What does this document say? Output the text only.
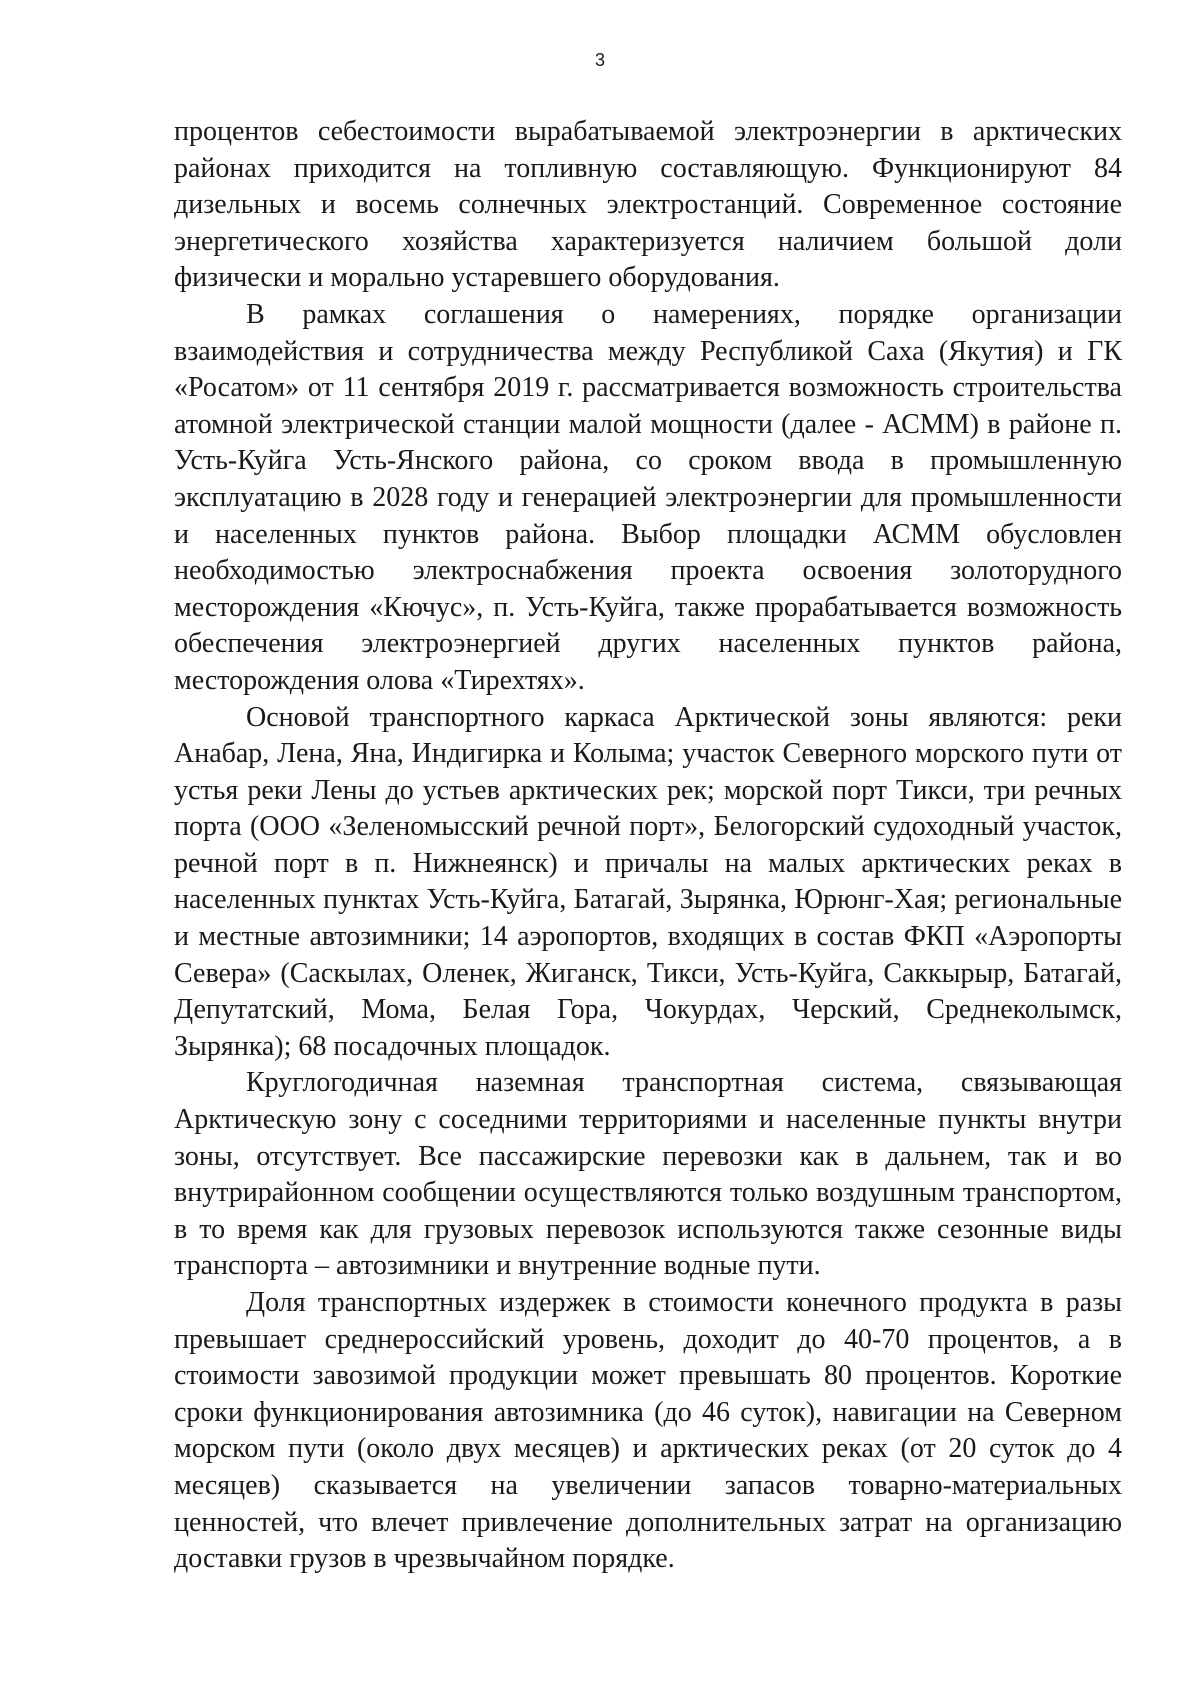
3

процентов себестоимости вырабатываемой электроэнергии в арктических районах приходится на топливную составляющую. Функционируют 84 дизельных и восемь солнечных электростанций. Современное состояние энергетического хозяйства характеризуется наличием большой доли физически и морально устаревшего оборудования.

В рамках соглашения о намерениях, порядке организации взаимодействия и сотрудничества между Республикой Саха (Якутия) и ГК «Росатом» от 11 сентября 2019 г. рассматривается возможность строительства атомной электрической станции малой мощности (далее - АСММ) в районе п. Усть-Куйга Усть-Янского района, со сроком ввода в промышленную эксплуатацию в 2028 году и генерацией электроэнергии для промышленности и населенных пунктов района. Выбор площадки АСММ обусловлен необходимостью электроснабжения проекта освоения золоторудного месторождения «Кючус», п. Усть-Куйга, также прорабатывается возможность обеспечения электроэнергией других населенных пунктов района, месторождения олова «Тирехтях».

Основой транспортного каркаса Арктической зоны являются: реки Анабар, Лена, Яна, Индигирка и Колыма; участок Северного морского пути от устья реки Лены до устьев арктических рек; морской порт Тикси, три речных порта (ООО «Зеленомысский речной порт», Белогорский судоходный участок, речной порт в п. Нижнеянск) и причалы на малых арктических реках в населенных пунктах Усть-Куйга, Батагай, Зырянка, Юрюнг-Хая; региональные и местные автозимники; 14 аэропортов, входящих в состав ФКП «Аэропорты Севера» (Саскылах, Оленек, Жиганск, Тикси, Усть-Куйга, Саккырыр, Батагай, Депутатский, Мома, Белая Гора, Чокурдах, Черский, Среднеколымск, Зырянка); 68 посадочных площадок.

Круглогодичная наземная транспортная система, связывающая Арктическую зону с соседними территориями и населенные пункты внутри зоны, отсутствует. Все пассажирские перевозки как в дальнем, так и во внутрирайонном сообщении осуществляются только воздушным транспортом, в то время как для грузовых перевозок используются также сезонные виды транспорта – автозимники и внутренние водные пути.

Доля транспортных издержек в стоимости конечного продукта в разы превышает среднероссийский уровень, доходит до 40-70 процентов, а в стоимости завозимой продукции может превышать 80 процентов. Короткие сроки функционирования автозимника (до 46 суток), навигации на Северном морском пути (около двух месяцев) и арктических реках (от 20 суток до 4 месяцев) сказывается на увеличении запасов товарно-материальных ценностей, что влечет привлечение дополнительных затрат на организацию доставки грузов в чрезвычайном порядке.
